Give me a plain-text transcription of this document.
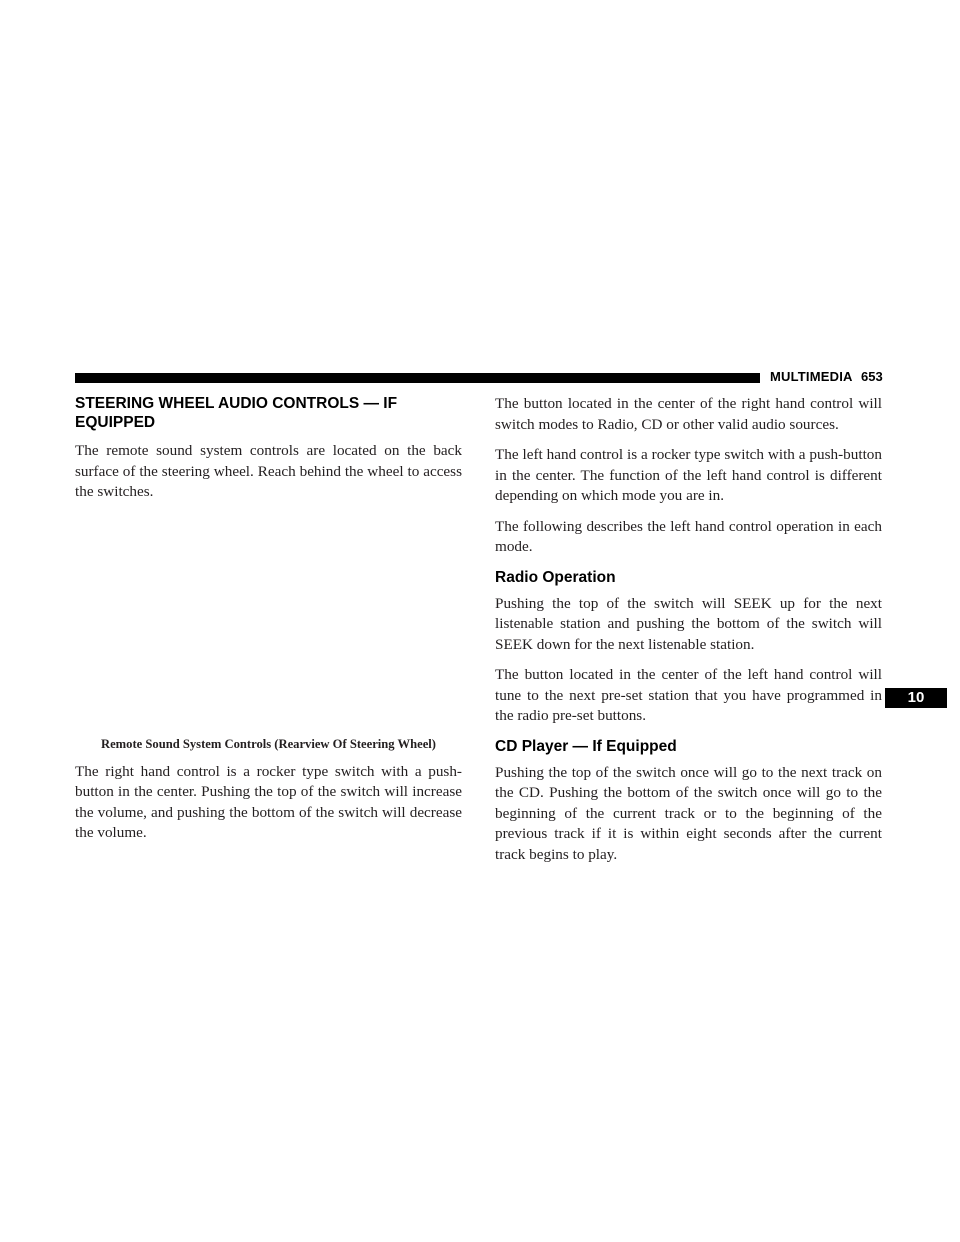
MULTIMEDIA 653
10
STEERING WHEEL AUDIO CONTROLS — IF EQUIPPED

The remote sound system controls are located on the back surface of the steering wheel. Reach behind the wheel to access the switches.

Remote Sound System Controls (Rearview Of Steering Wheel)

The right hand control is a rocker type switch with a push-button in the center. Pushing the top of the switch will increase the volume, and pushing the bottom of the switch will decrease the volume.

The button located in the center of the right hand control will switch modes to Radio, CD or other valid audio sources.

The left hand control is a rocker type switch with a push-button in the center. The function of the left hand control is different depending on which mode you are in.

The following describes the left hand control operation in each mode.

Radio Operation

Pushing the top of the switch will SEEK up for the next listenable station and pushing the bottom of the switch will SEEK down for the next listenable station.

The button located in the center of the left hand control will tune to the next pre-set station that you have programmed in the radio pre-set buttons.

CD Player — If Equipped

Pushing the top of the switch once will go to the next track on the CD. Pushing the bottom of the switch once will go to the beginning of the current track or to the beginning of the previous track if it is within eight seconds after the current track begins to play.
